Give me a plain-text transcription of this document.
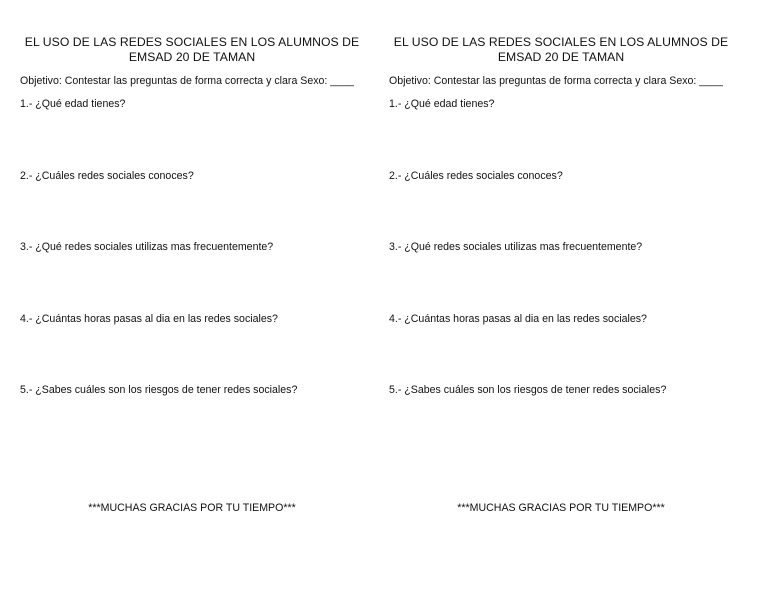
EL USO DE LAS REDES SOCIALES EN LOS ALUMNOS DE EMSAD 20 DE TAMAN
Objetivo: Contestar las preguntas de forma correcta y clara Sexo: ____
1.- ¿Qué edad tienes?
2.- ¿Cuáles redes sociales conoces?
3.- ¿Qué redes sociales utilizas mas frecuentemente?
4.- ¿Cuántas horas pasas al dia en las redes sociales?
5.- ¿Sabes cuáles son los riesgos de tener redes sociales?
***MUCHAS GRACIAS POR TU TIEMPO***
EL USO DE LAS REDES SOCIALES EN LOS ALUMNOS DE EMSAD 20 DE TAMAN
Objetivo: Contestar las preguntas de forma correcta y clara Sexo: ____
1.- ¿Qué edad tienes?
2.- ¿Cuáles redes sociales conoces?
3.- ¿Qué redes sociales utilizas mas frecuentemente?
4.- ¿Cuántas horas pasas al dia en las redes sociales?
5.- ¿Sabes cuáles son los riesgos de tener redes sociales?
***MUCHAS GRACIAS POR TU TIEMPO***
